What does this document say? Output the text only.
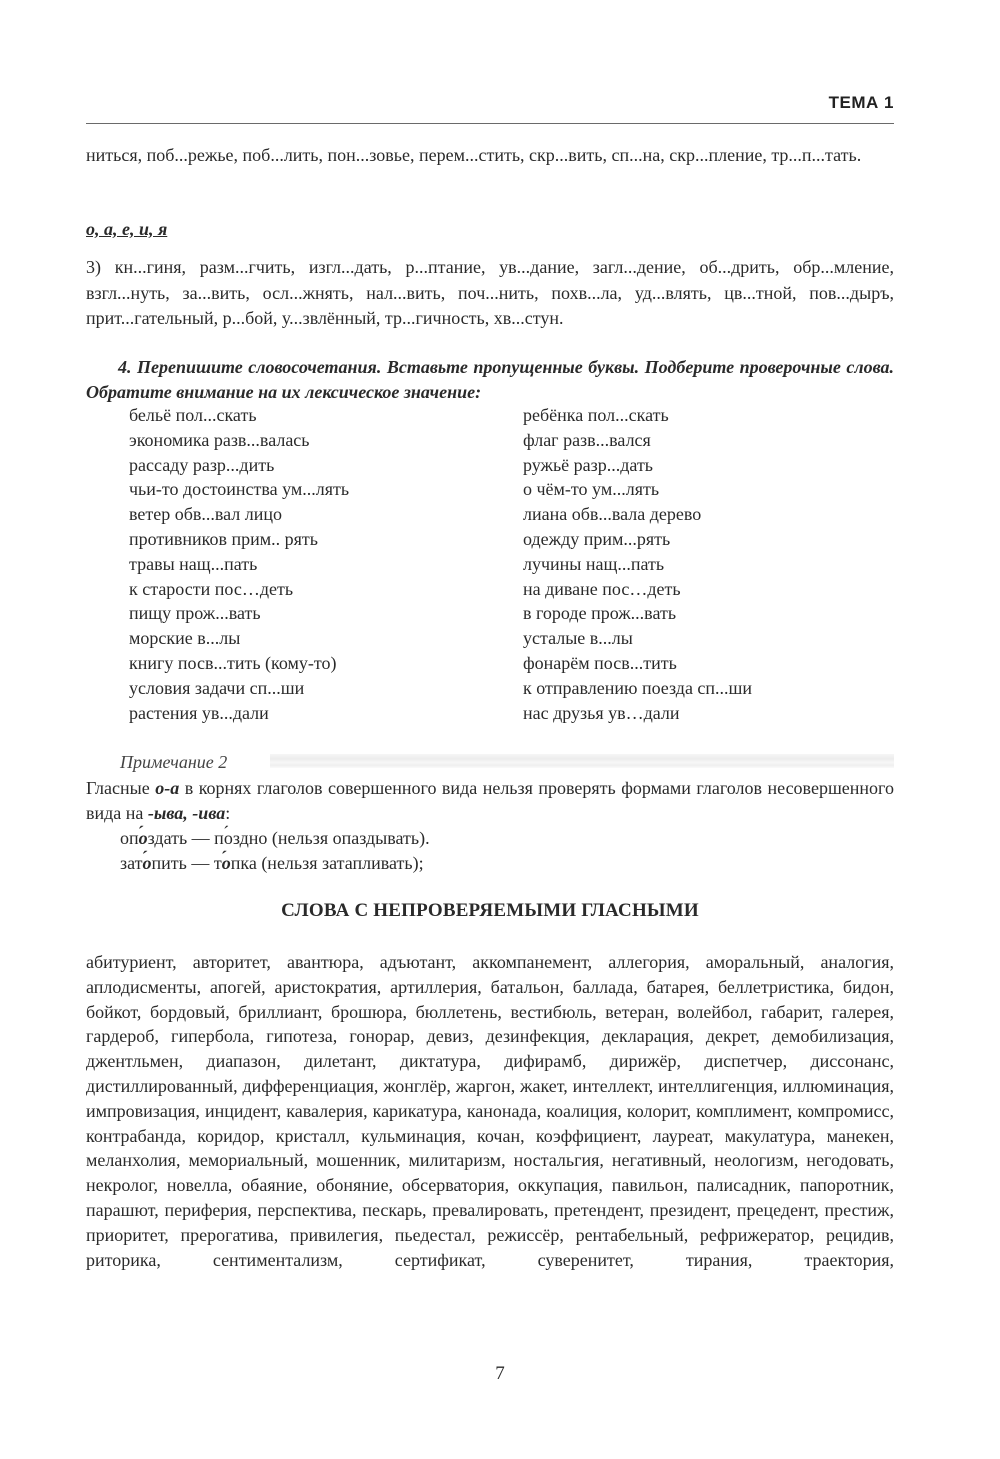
ТЕМА 1

ниться, поб...режье, поб...лить, пон...зовье, перем...стить, скр...вить, сп...на, скр...пление, тр...п...тать.

о, а, е, и, я

3) кн...гиня, разм...гчить, изгл...дать, р...птание, ув...дание, загл...дение, об...дрить, обр...мление, взгл...нуть, за...вить, осл...жнять, нал...вить, поч...нить, похв...ла, уд...влять, цв...тной, пов...дыръ, прит...гательный, р...бой, у...звлённый, тр...гичность, хв...стун.

4. Перепишите словосочетания. Вставьте пропущенные буквы. Подберите проверочные слова. Обратите внимание на их лексическое значение:

бельё пол...скать	ребёнка пол...скать
экономика разв...валась	флаг разв...вался
рассаду разр...дить	ружьё разр...дать
чьи-то достоинства ум...лять	о чём-то ум...лять
ветер обв...вал лицо	лиана обв...вала дерево
противников прим.. рять	одежду прим...рять
травы нащ...пать	лучины нащ...пать
к старости пос…деть	на диване пос…деть
пищу прож...вать	в городе прож...вать
морские в...лы	усталые в...лы
книгу посв...тить (кому-то)	фонарём посв...тить
условия задачи сп...ши	к отправлению поезда сп...ши
растения ув...дали	нас друзья ув…дали
Примечание 2

Гласные о-а в корнях глаголов совершенного вида нельзя проверять формами глаголов несовершенного вида на -ыва, -ива:

опо ́здать — по ́здно (нельзя опаздывать).
зато ́пить — то ́пка (нельзя затапливать);
СЛОВА С НЕПРОВЕРЯЕМЫМИ ГЛАСНЫМИ

абитуриент, авторитет, авантюра, адъютант, аккомпанемент, аллегория, аморальный, аналогия, аплодисменты, апогей, аристократия, артиллерия, батальон, баллада, батарея, беллетристика, бидон, бойкот, бордовый, бриллиант, брошюра, бюллетень, вестибюль, ветеран, волейбол, габарит, галерея, гардероб, гипербола, гипотеза, гонорар, девиз, дезинфекция, декларация, декрет, демобилизация, джентльмен, диапазон, дилетант, диктатура, дифирамб, дирижёр, диспетчер, диссонанс, дистиллированный, дифференциация, жонглёр, жаргон, жакет, интеллект, интеллигенция, иллюминация, импровизация, инцидент, кавалерия, карикатура, канонада, коалиция, колорит, комплимент, компромисс, контрабанда, коридор, кристалл, кульминация, кочан, коэффициент, лауреат, макулатура, манекен, меланхолия, мемориальный, мошенник, милитаризм, ностальгия, негативный, неологизм, негодовать, некролог, новелла, обаяние, обоняние, обсерватория, оккупация, павильон, палисадник, папоротник, парашют, периферия, перспектива, пескарь, превалировать, претендент, президент, прецедент, престиж, приоритет, прерогатива, привилегия, пьедестал, режиссёр, рентабельный, рефрижератор, рецидив, риторика, сентиментализм, сертификат, суверенитет, тирания, траектория,

7
